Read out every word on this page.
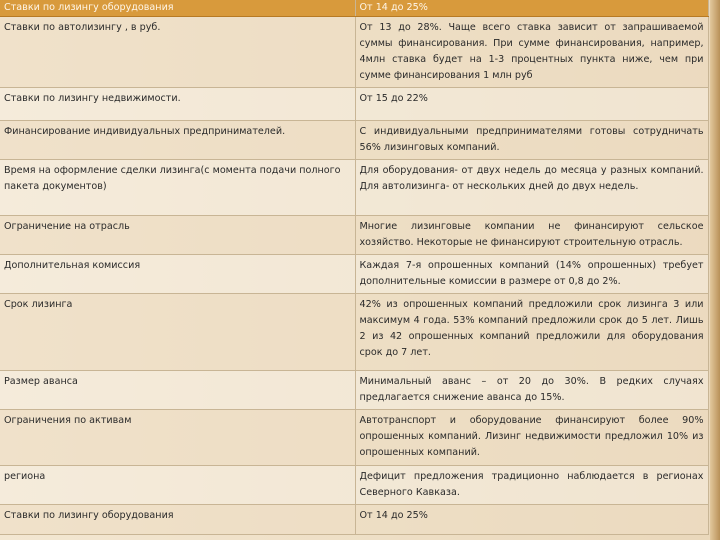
Ставки по лизингу оборудования	От 14 до 25%
Ставки по автолизингу , в руб.	От 13 до 28%. Чаще всего ставка зависит от запрашиваемой суммы финансирования. При сумме финансирования, например, 4млн ставка будет на 1-3 процентных пункта ниже, чем при сумме финансирования 1 млн руб
Ставки по лизингу недвижимости.	От 15 до 22%
Финансирование индивидуальных предпринимателей.	С индивидуальными предпринимателями готовы сотрудничать 56% лизинговых компаний.
Время на оформление сделки лизинга(с момента подачи полного пакета документов)	Для оборудования- от двух недель до месяца у разных компаний. Для автолизинга- от нескольких дней до двух недель.
Ограничение на отрасль	Многие лизинговые компании не финансируют сельское хозяйство. Некоторые не финансируют строительную отрасль.
Дополнительная комиссия	Каждая 7-я опрошенных компаний (14% опрошенных) требует дополнительные комиссии в размере от 0,8 до 2%.
Срок лизинга	42% из опрошенных компаний предложили срок лизинга 3 или максимум 4 года. 53% компаний предложили срок до 5 лет. Лишь 2 из 42 опрошенных компаний предложили для оборудования срок до 7 лет.
Размер аванса	Минимальный аванс – от 20 до 30%. В редких случаях предлагается снижение аванса до 15%.
Ограничения по активам	Автотранспорт и оборудование финансируют более 90% опрошенных компаний. Лизинг недвижимости предложил 10% из опрошенных компаний.
региона	Дефицит предложения традиционно наблюдается в регионах Северного Кавказа.
Ставки по лизингу оборудования	От 14 до 25%
